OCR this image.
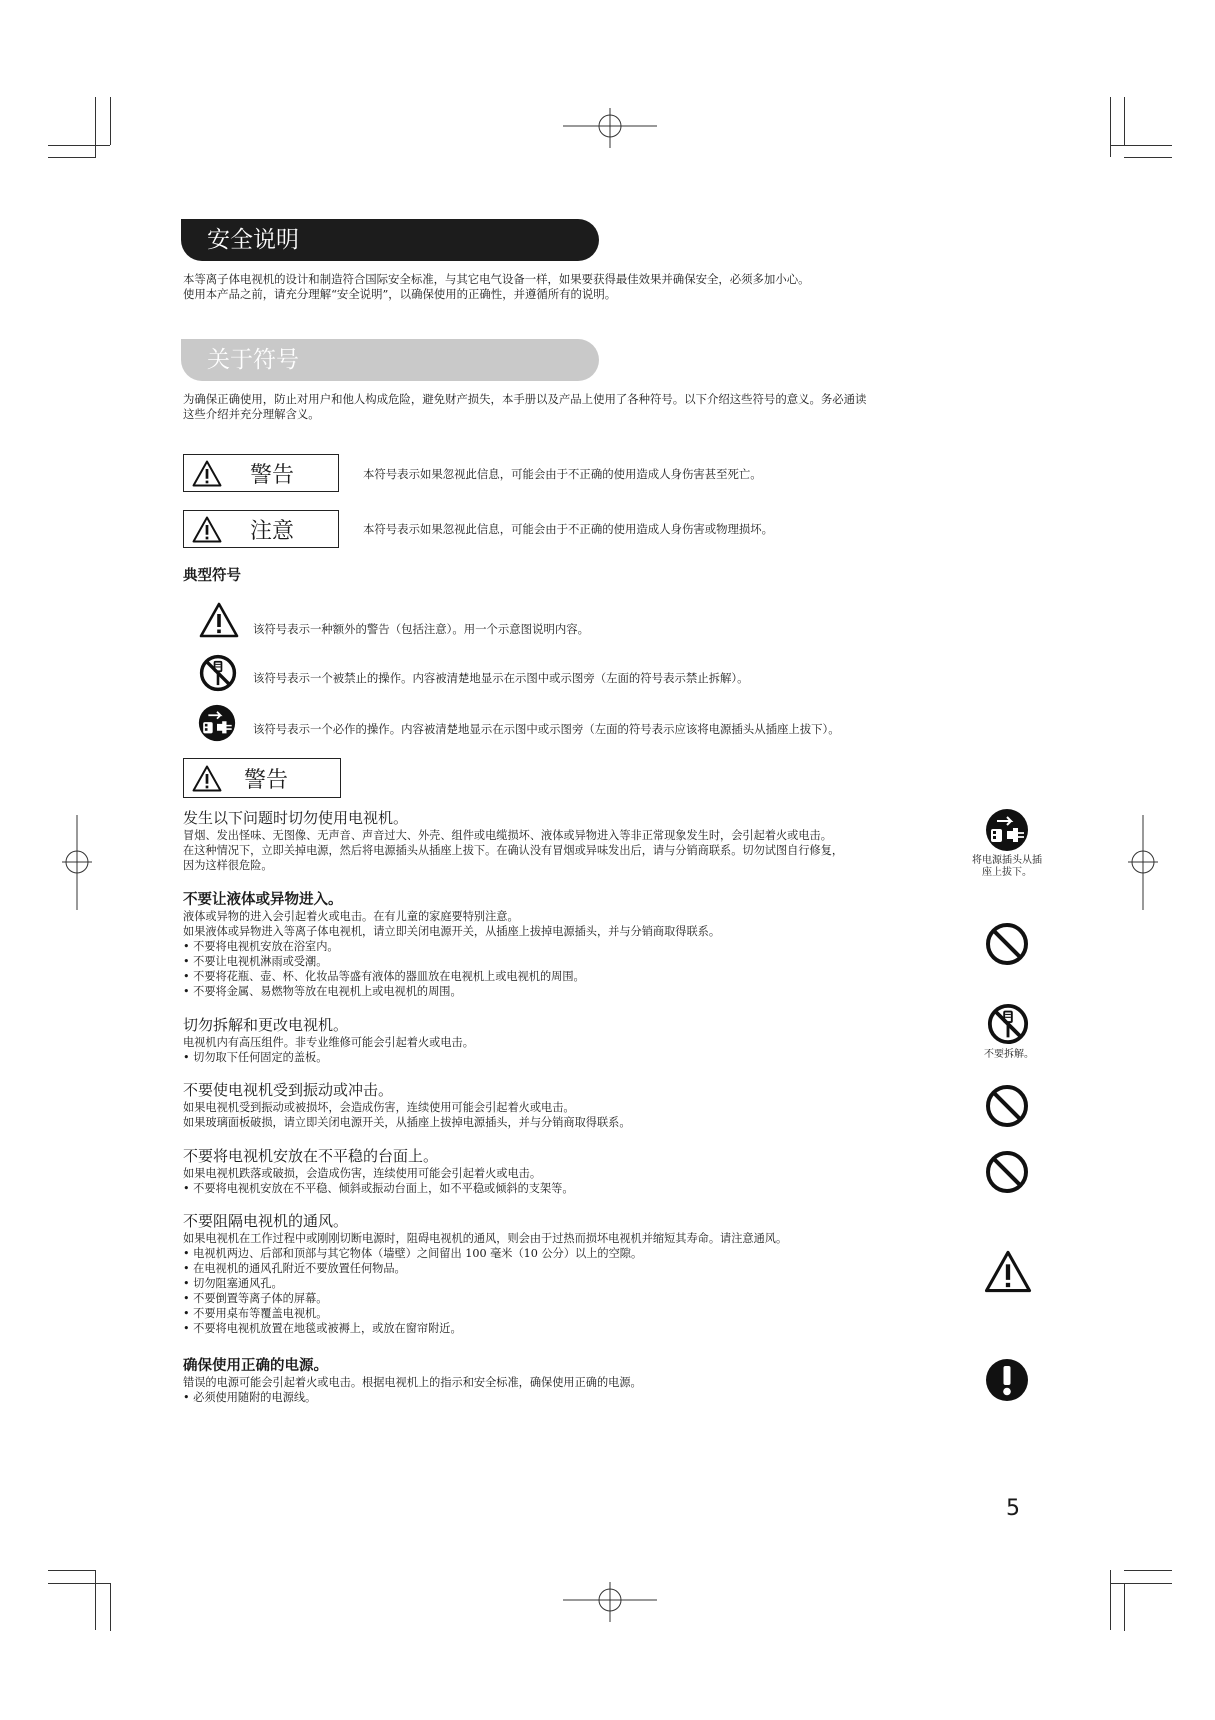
安全说明
本等离子体电视机的设计和制造符合国际安全标准，与其它电气设备一样，如果要获得最佳效果并确保安全，必须多加小心。
使用本产品之前，请充分理解“安全说明”，以确保使用的正确性，并遵循所有的说明。
关于符号
为确保正确使用，防止对用户和他人构成危险，避免财产损失，本手册以及产品上使用了各种符号。以下介绍这些符号的意义。务必通读
这些介绍并充分理解含义。
警告	本符号表示如果忽视此信息，可能会由于不正确的使用造成人身伤害甚至死亡。
注意	本符号表示如果忽视此信息，可能会由于不正确的使用造成人身伤害或物理损坏。
典型符号
该符号表示一种额外的警告（包括注意）。用一个示意图说明内容。
该符号表示一个被禁止的操作。内容被清楚地显示在示图中或示图旁（左面的符号表示禁止拆解）。
该符号表示一个必作的操作。内容被清楚地显示在示图中或示图旁（左面的符号表示应该将电源插头从插座上拔下）。
警告
发生以下问题时切勿使用电视机。
冒烟、发出怪味、无图像、无声音、声音过大、外壳、组件或电缆损坏、液体或异物进入等非正常现象发生时，会引起着火或电击。
在这种情况下，立即关掉电源，然后将电源插头从插座上拔下。在确认没有冒烟或异味发出后，请与分销商联系。切勿试图自行修复，
因为这样很危险。	将电源插头从插
座上拔下。
不要让液体或异物进入。
液体或异物的进入会引起着火或电击。在有儿童的家庭要特别注意。
如果液体或异物进入等离子体电视机，请立即关闭电源开关，从插座上拔掉电源插头，并与分销商取得联系。
• 不要将电视机安放在浴室内。
• 不要让电视机淋雨或受潮。
• 不要将花瓶、壶、杯、化妆品等盛有液体的器皿放在电视机上或电视机的周围。
• 不要将金属、易燃物等放在电视机上或电视机的周围。
切勿拆解和更改电视机。
电视机内有高压组件。非专业维修可能会引起着火或电击。
• 切勿取下任何固定的盖板。	不要拆解。
不要使电视机受到振动或冲击。
如果电视机受到振动或被损坏，会造成伤害，连续使用可能会引起着火或电击。
如果玻璃面板破损，请立即关闭电源开关，从插座上拔掉电源插头，并与分销商取得联系。
不要将电视机安放在不平稳的台面上。
如果电视机跌落或破损，会造成伤害，连续使用可能会引起着火或电击。
• 不要将电视机安放在不平稳、倾斜或振动台面上，如不平稳或倾斜的支架等。
不要阻隔电视机的通风。
如果电视机在工作过程中或刚刚切断电源时，阻碍电视机的通风，则会由于过热而损坏电视机并缩短其寿命。请注意通风。
• 电视机两边、后部和顶部与其它物体（墙壁）之间留出 100 毫米（10 公分）以上的空隙。
• 在电视机的通风孔附近不要放置任何物品。
• 切勿阻塞通风孔。
• 不要倒置等离子体的屏幕。
• 不要用桌布等覆盖电视机。
• 不要将电视机放置在地毯或被褥上，或放在窗帘附近。
确保使用正确的电源。
错误的电源可能会引起着火或电击。根据电视机上的指示和安全标准，确保使用正确的电源。
• 必须使用随附的电源线。
5
